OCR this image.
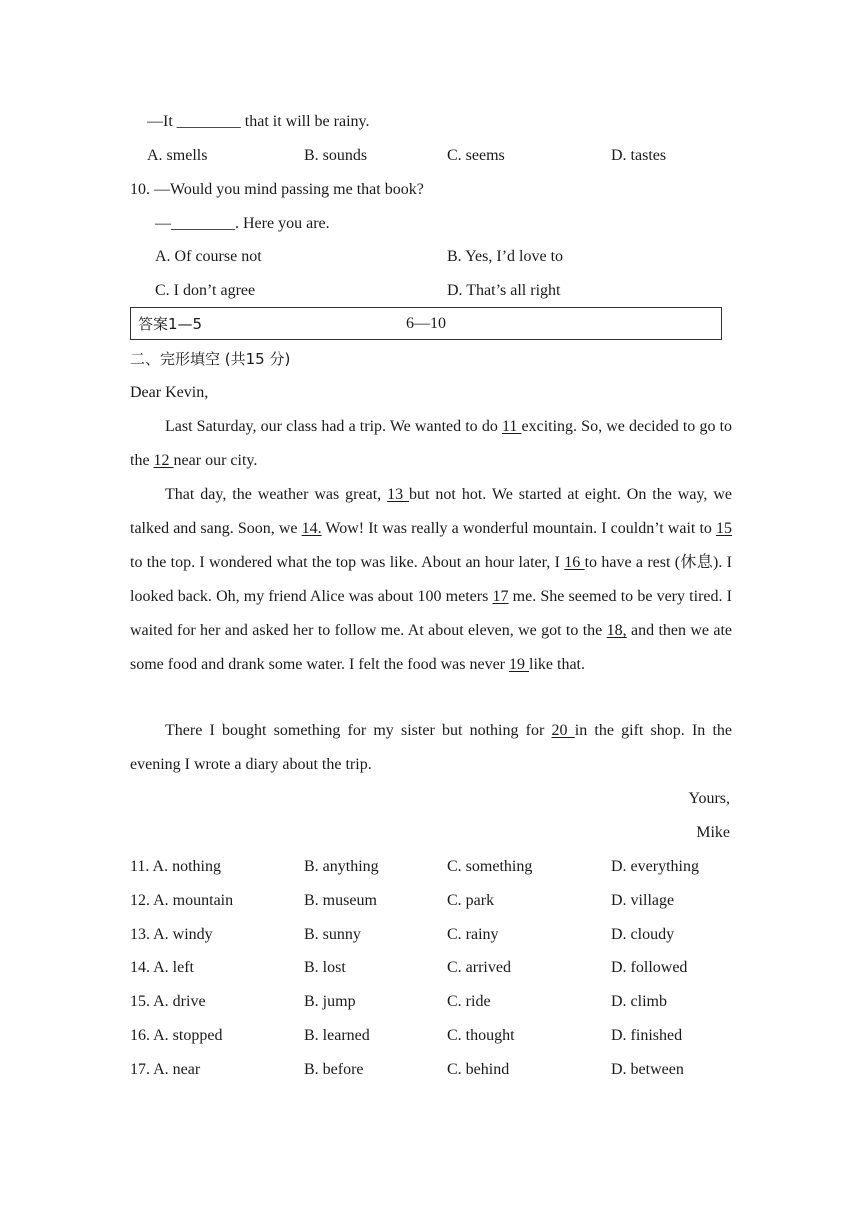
—It ________ that it will be rainy.
A. smells	B. sounds	C. seems	D. tastes
10. —Would you mind passing me that book?
—________. Here you are.
A. Of course not	B. Yes, I’d love to
C. I don’t agree	D. That’s all right
答案1—5	6—10
二、完形填空 (共15 分)
Dear Kevin,
Last Saturday, our class had a trip. We wanted to do 11 exciting. So, we decided to go to the 12 near our city.
That day, the weather was great, 13 but not hot. We started at eight. On the way, we talked and sang. Soon, we 14. Wow! It was really a wonderful mountain. I couldn’t wait to 15 to the top. I wondered what the top was like. About an hour later, I 16 to have a rest (休息). I looked back. Oh, my friend Alice was about 100 meters 17 me. She seemed to be very tired. I waited for her and asked her to follow me. At about eleven, we got to the 18, and then we ate some food and drank some water. I felt the food was never 19 like that.
There I bought something for my sister but nothing for 20 in the gift shop. In the evening I wrote a diary about the trip.
Yours,
Mike
11. A. nothing	B. anything	C. something	D. everything
12. A. mountain	B. museum	C. park	D. village
13. A. windy	B. sunny	C. rainy	D. cloudy
14. A. left	B. lost	C. arrived	D. followed
15. A. drive	B. jump	C. ride	D. climb
16. A. stopped	B. learned	C. thought	D. finished
17. A. near	B. before	C. behind	D. between
